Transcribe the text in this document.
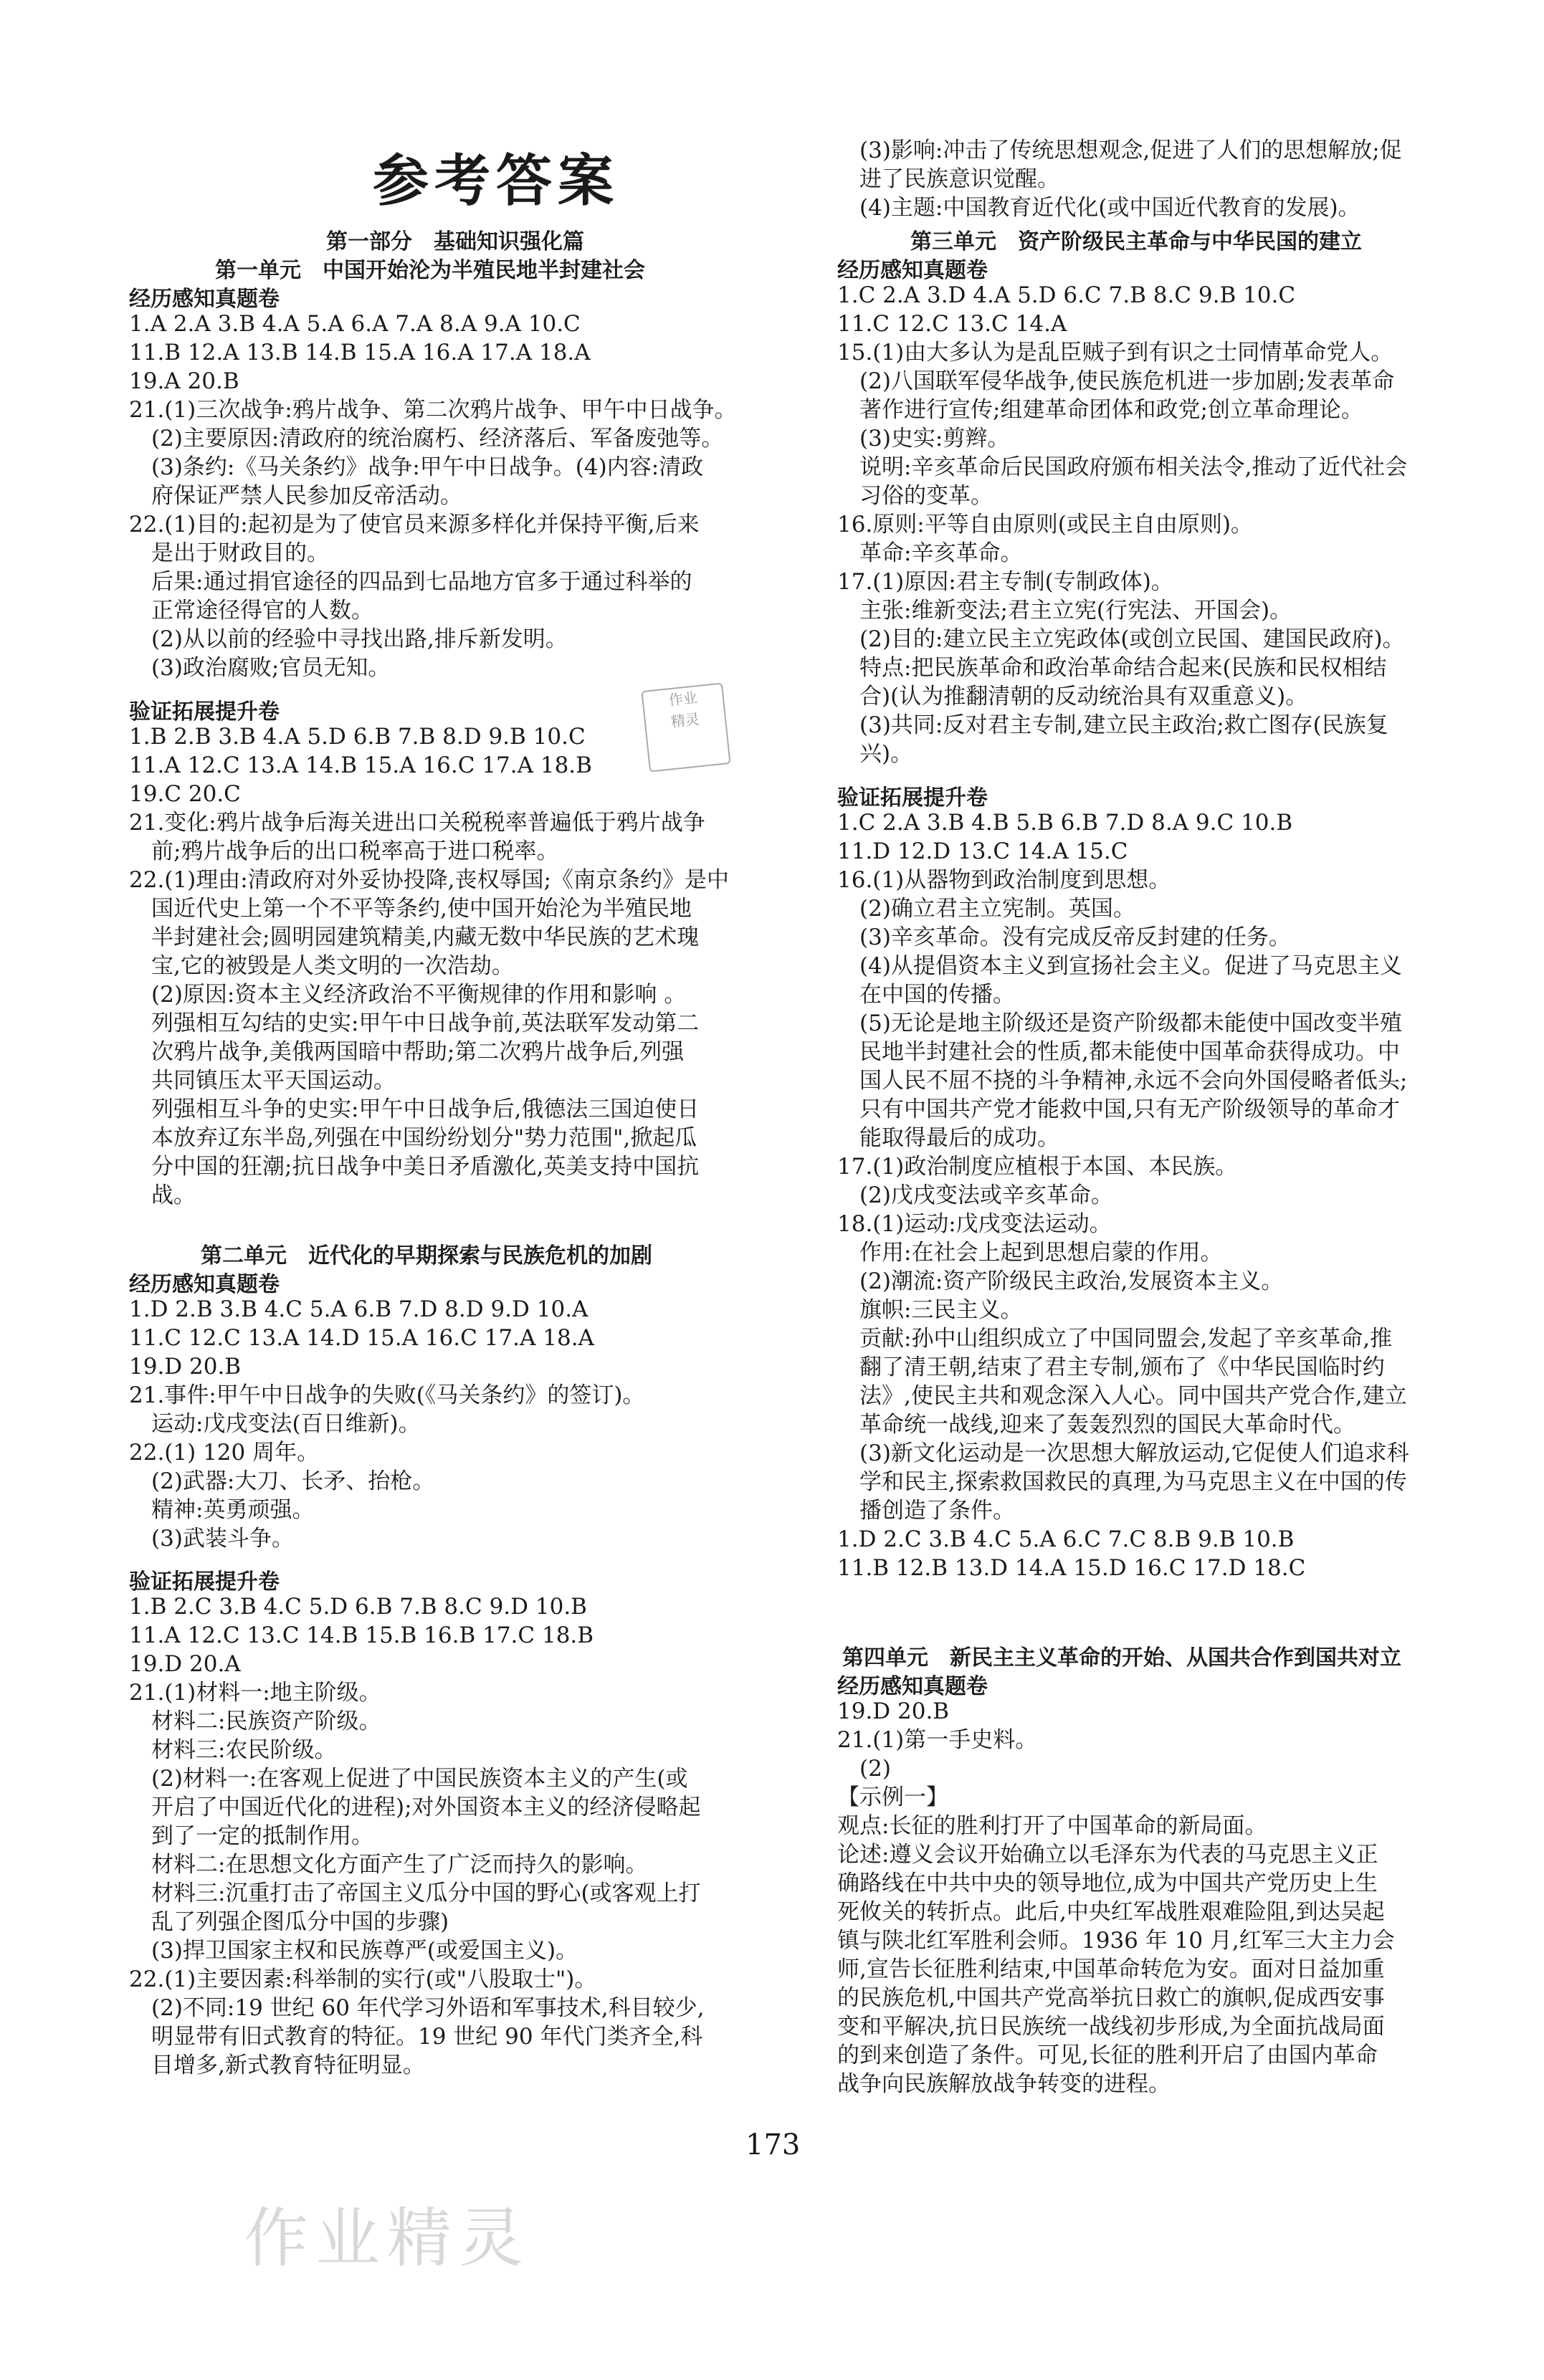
参考答案
第一部分　基础知识强化篇
第一单元　中国开始沦为半殖民地半封建社会
经历感知真题卷
验证拓展提升卷
第二单元　近代化的早期探索与民族危机的加剧
经历感知真题卷
验证拓展提升卷
第三单元　资产阶级民主革命与中华民国的建立
经历感知真题卷
验证拓展提升卷
第四单元　新民主主义革命的开始、从国共合作到国共对立
经历感知真题卷
作业
精灵
作业精灵
173
1.A 2.A 3.B 4.A 5.A 6.A 7.A 8.A 9.A 10.C
11.B 12.A 13.B 14.B 15.A 16.A 17.A 18.A
19.A 20.B
21.(1)三次战争:鸦片战争、第二次鸦片战争、甲午中日战争。
　(2)主要原因:清政府的统治腐朽、经济落后、军备废弛等。
　(3)条约:《马关条约》战争:甲午中日战争。(4)内容:清政
　府保证严禁人民参加反帝活动。
22.(1)目的:起初是为了使官员来源多样化并保持平衡,后来
　是出于财政目的。
　后果:通过捐官途径的四品到七品地方官多于通过科举的
　正常途径得官的人数。
　(2)从以前的经验中寻找出路,排斥新发明。
　(3)政治腐败;官员无知。
1.B 2.B 3.B 4.A 5.D 6.B 7.B 8.D 9.B 10.C
11.A 12.C 13.A 14.B 15.A 16.C 17.A 18.B
19.C 20.C
21.变化:鸦片战争后海关进出口关税税率普遍低于鸦片战争
　前;鸦片战争后的出口税率高于进口税率。
22.(1)理由:清政府对外妥协投降,丧权辱国;《南京条约》是中
　国近代史上第一个不平等条约,使中国开始沦为半殖民地
　半封建社会;圆明园建筑精美,内藏无数中华民族的艺术瑰
　宝,它的被毁是人类文明的一次浩劫。
　(2)原因:资本主义经济政治不平衡规律的作用和影响 。
　列强相互勾结的史实:甲午中日战争前,英法联军发动第二
　次鸦片战争,美俄两国暗中帮助;第二次鸦片战争后,列强
　共同镇压太平天国运动。
　列强相互斗争的史实:甲午中日战争后,俄德法三国迫使日
　本放弃辽东半岛,列强在中国纷纷划分"势力范围",掀起瓜
　分中国的狂潮;抗日战争中美日矛盾激化,英美支持中国抗
　战。
1.D 2.B 3.B 4.C 5.A 6.B 7.D 8.D 9.D 10.A
11.C 12.C 13.A 14.D 15.A 16.C 17.A 18.A
19.D 20.B
21.事件:甲午中日战争的失败(《马关条约》的签订)。
　运动:戊戌变法(百日维新)。
22.(1) 120 周年。
　(2)武器:大刀、长矛、抬枪。
　精神:英勇顽强。
　(3)武装斗争。
1.B 2.C 3.B 4.C 5.D 6.B 7.B 8.C 9.D 10.B
11.A 12.C 13.C 14.B 15.B 16.B 17.C 18.B
19.D 20.A
21.(1)材料一:地主阶级。
　材料二:民族资产阶级。
　材料三:农民阶级。
　(2)材料一:在客观上促进了中国民族资本主义的产生(或
　开启了中国近代化的进程);对外国资本主义的经济侵略起
　到了一定的抵制作用。
　材料二:在思想文化方面产生了广泛而持久的影响。
　材料三:沉重打击了帝国主义瓜分中国的野心(或客观上打
　乱了列强企图瓜分中国的步骤)
　(3)捍卫国家主权和民族尊严(或爱国主义)。
22.(1)主要因素:科举制的实行(或"八股取士")。
　(2)不同:19 世纪 60 年代学习外语和军事技术,科目较少,
　明显带有旧式教育的特征。19 世纪 90 年代门类齐全,科
　目增多,新式教育特征明显。
　(3)影响:冲击了传统思想观念,促进了人们的思想解放;促
　进了民族意识觉醒。
　(4)主题:中国教育近代化(或中国近代教育的发展)。
1.C 2.A 3.D 4.A 5.D 6.C 7.B 8.C 9.B 10.C
11.C 12.C 13.C 14.A
15.(1)由大多认为是乱臣贼子到有识之士同情革命党人。
　(2)八国联军侵华战争,使民族危机进一步加剧;发表革命
　著作进行宣传;组建革命团体和政党;创立革命理论。
　(3)史实:剪辫。
　说明:辛亥革命后民国政府颁布相关法令,推动了近代社会
　习俗的变革。
16.原则:平等自由原则(或民主自由原则)。
　革命:辛亥革命。
17.(1)原因:君主专制(专制政体)。
　主张:维新变法;君主立宪(行宪法、开国会)。
　(2)目的:建立民主立宪政体(或创立民国、建国民政府)。
　特点:把民族革命和政治革命结合起来(民族和民权相结
　合)(认为推翻清朝的反动统治具有双重意义)。
　(3)共同:反对君主专制,建立民主政治;救亡图存(民族复
　兴)。
1.C 2.A 3.B 4.B 5.B 6.B 7.D 8.A 9.C 10.B
11.D 12.D 13.C 14.A 15.C
16.(1)从器物到政治制度到思想。
　(2)确立君主立宪制。英国。
　(3)辛亥革命。没有完成反帝反封建的任务。
　(4)从提倡资本主义到宣扬社会主义。促进了马克思主义
　在中国的传播。
　(5)无论是地主阶级还是资产阶级都未能使中国改变半殖
　民地半封建社会的性质,都未能使中国革命获得成功。中
　国人民不屈不挠的斗争精神,永远不会向外国侵略者低头;
　只有中国共产党才能救中国,只有无产阶级领导的革命才
　能取得最后的成功。
17.(1)政治制度应植根于本国、本民族。
　(2)戊戌变法或辛亥革命。
18.(1)运动:戊戌变法运动。
　作用:在社会上起到思想启蒙的作用。
　(2)潮流:资产阶级民主政治,发展资本主义。
　旗帜:三民主义。
　贡献:孙中山组织成立了中国同盟会,发起了辛亥革命,推
　翻了清王朝,结束了君主专制,颁布了《中华民国临时约
　法》,使民主共和观念深入人心。同中国共产党合作,建立
　革命统一战线,迎来了轰轰烈烈的国民大革命时代。
　(3)新文化运动是一次思想大解放运动,它促使人们追求科
　学和民主,探索救国救民的真理,为马克思主义在中国的传
　播创造了条件。
1.D 2.C 3.B 4.C 5.A 6.C 7.C 8.B 9.B 10.B
11.B 12.B 13.D 14.A 15.D 16.C 17.D 18.C
19.D 20.B
21.(1)第一手史料。
　(2)
【示例一】
观点:长征的胜利打开了中国革命的新局面。
论述:遵义会议开始确立以毛泽东为代表的马克思主义正
确路线在中共中央的领导地位,成为中国共产党历史上生
死攸关的转折点。此后,中央红军战胜艰难险阻,到达吴起
镇与陕北红军胜利会师。1936 年 10 月,红军三大主力会
师,宣告长征胜利结束,中国革命转危为安。面对日益加重
的民族危机,中国共产党高举抗日救亡的旗帜,促成西安事
变和平解决,抗日民族统一战线初步形成,为全面抗战局面
的到来创造了条件。可见,长征的胜利开启了由国内革命
战争向民族解放战争转变的进程。
